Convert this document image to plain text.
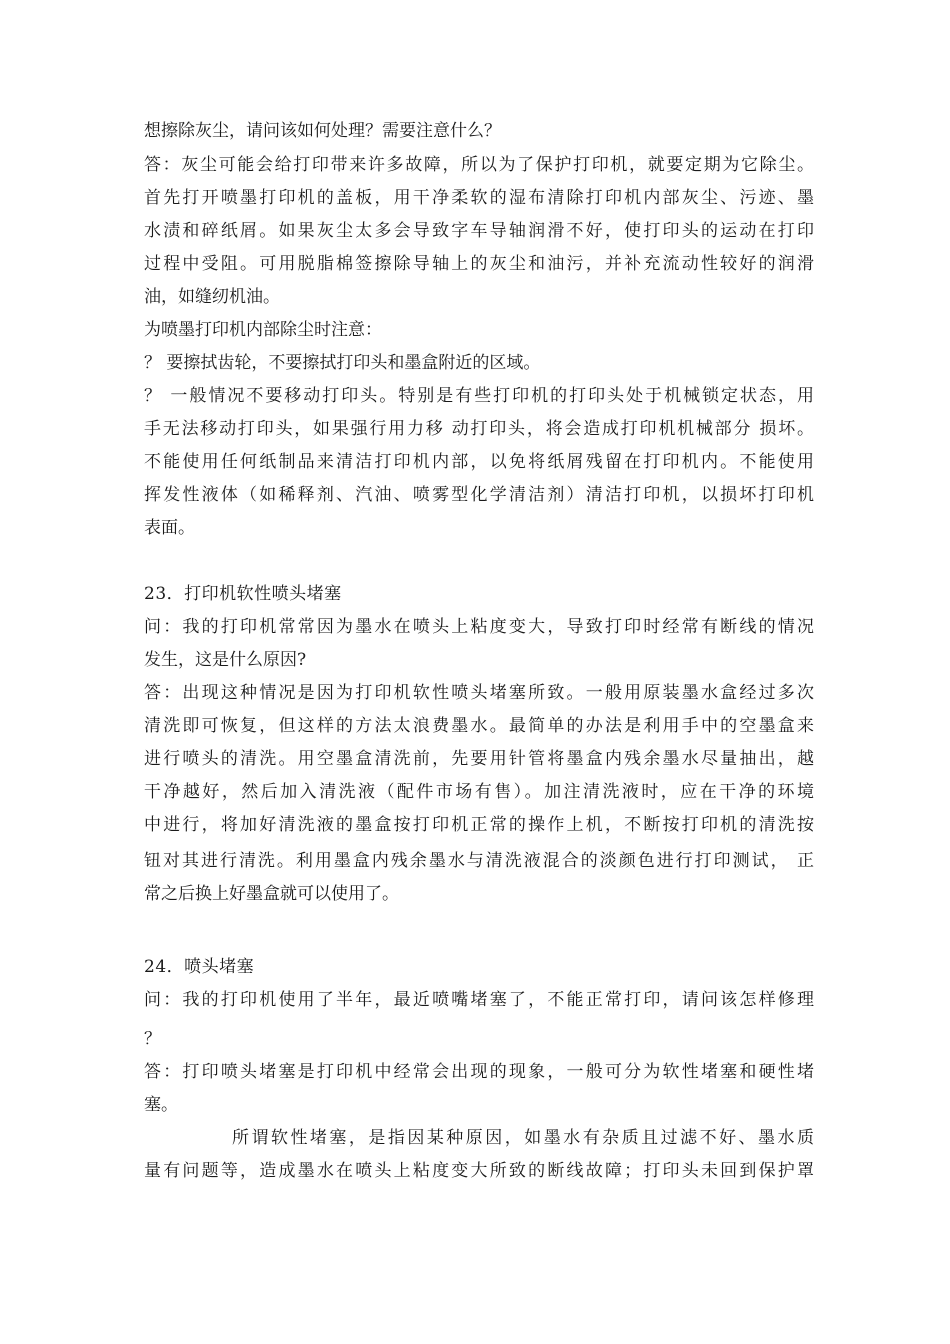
想擦除灰尘，请问该如何处理？需要注意什么？
答：灰尘可能会给打印带来许多故障，所以为了保护打印机，就要定期为它除尘。
首先打开喷墨打印机的盖板，用干净柔软的湿布清除打印机内部灰尘、污迹、墨
水渍和碎纸屑。如果灰尘太多会导致字车导轴润滑不好，使打印头的运动在打印
过程中受阻。可用脱脂棉签擦除导轴上的灰尘和油污，并补充流动性较好的润滑
油，如缝纫机油。
为喷墨打印机内部除尘时注意：
？ 要擦拭齿轮，不要擦拭打印头和墨盒附近的区域。
？ 一般情况不要移动打印头。特别是有些打印机的打印头处于机械锁定状态，用
手无法移动打印头，如果强行用力移 动打印头，将会造成打印机机械部分 损坏。
不能使用任何纸制品来清洁打印机内部，以免将纸屑残留在打印机内。不能使用
挥发性液体（如稀释剂、汽油、喷雾型化学清洁剂）清洁打印机，以损坏打印机
表面。
23．打印机软性喷头堵塞
问：我的打印机常常因为墨水在喷头上粘度变大，导致打印时经常有断线的情况
发生，这是什么原因?
答：出现这种情况是因为打印机软性喷头堵塞所致。一般用原装墨水盒经过多次
清洗即可恢复，但这样的方法太浪费墨水。最简单的办法是利用手中的空墨盒来
进行喷头的清洗。用空墨盒清洗前，先要用针管将墨盒内残余墨水尽量抽出，越
干净越好，然后加入清洗液（配件市场有售）。加注清洗液时，应在干净的环境
中进行，将加好清洗液的墨盒按打印机正常的操作上机，不断按打印机的清洗按
钮对其进行清洗。利用墨盒内残余墨水与清洗液混合的淡颜色进行打印测试， 正
常之后换上好墨盒就可以使用了。
24．喷头堵塞
问：我的打印机使用了半年，最近喷嘴堵塞了，不能正常打印，请问该怎样修理
？
答：打印喷头堵塞是打印机中经常会出现的现象，一般可分为软性堵塞和硬性堵
塞。
所谓软性堵塞，是指因某种原因，如墨水有杂质且过滤不好、墨水质
量有问题等，造成墨水在喷头上粘度变大所致的断线故障；打印头未回到保护罩
